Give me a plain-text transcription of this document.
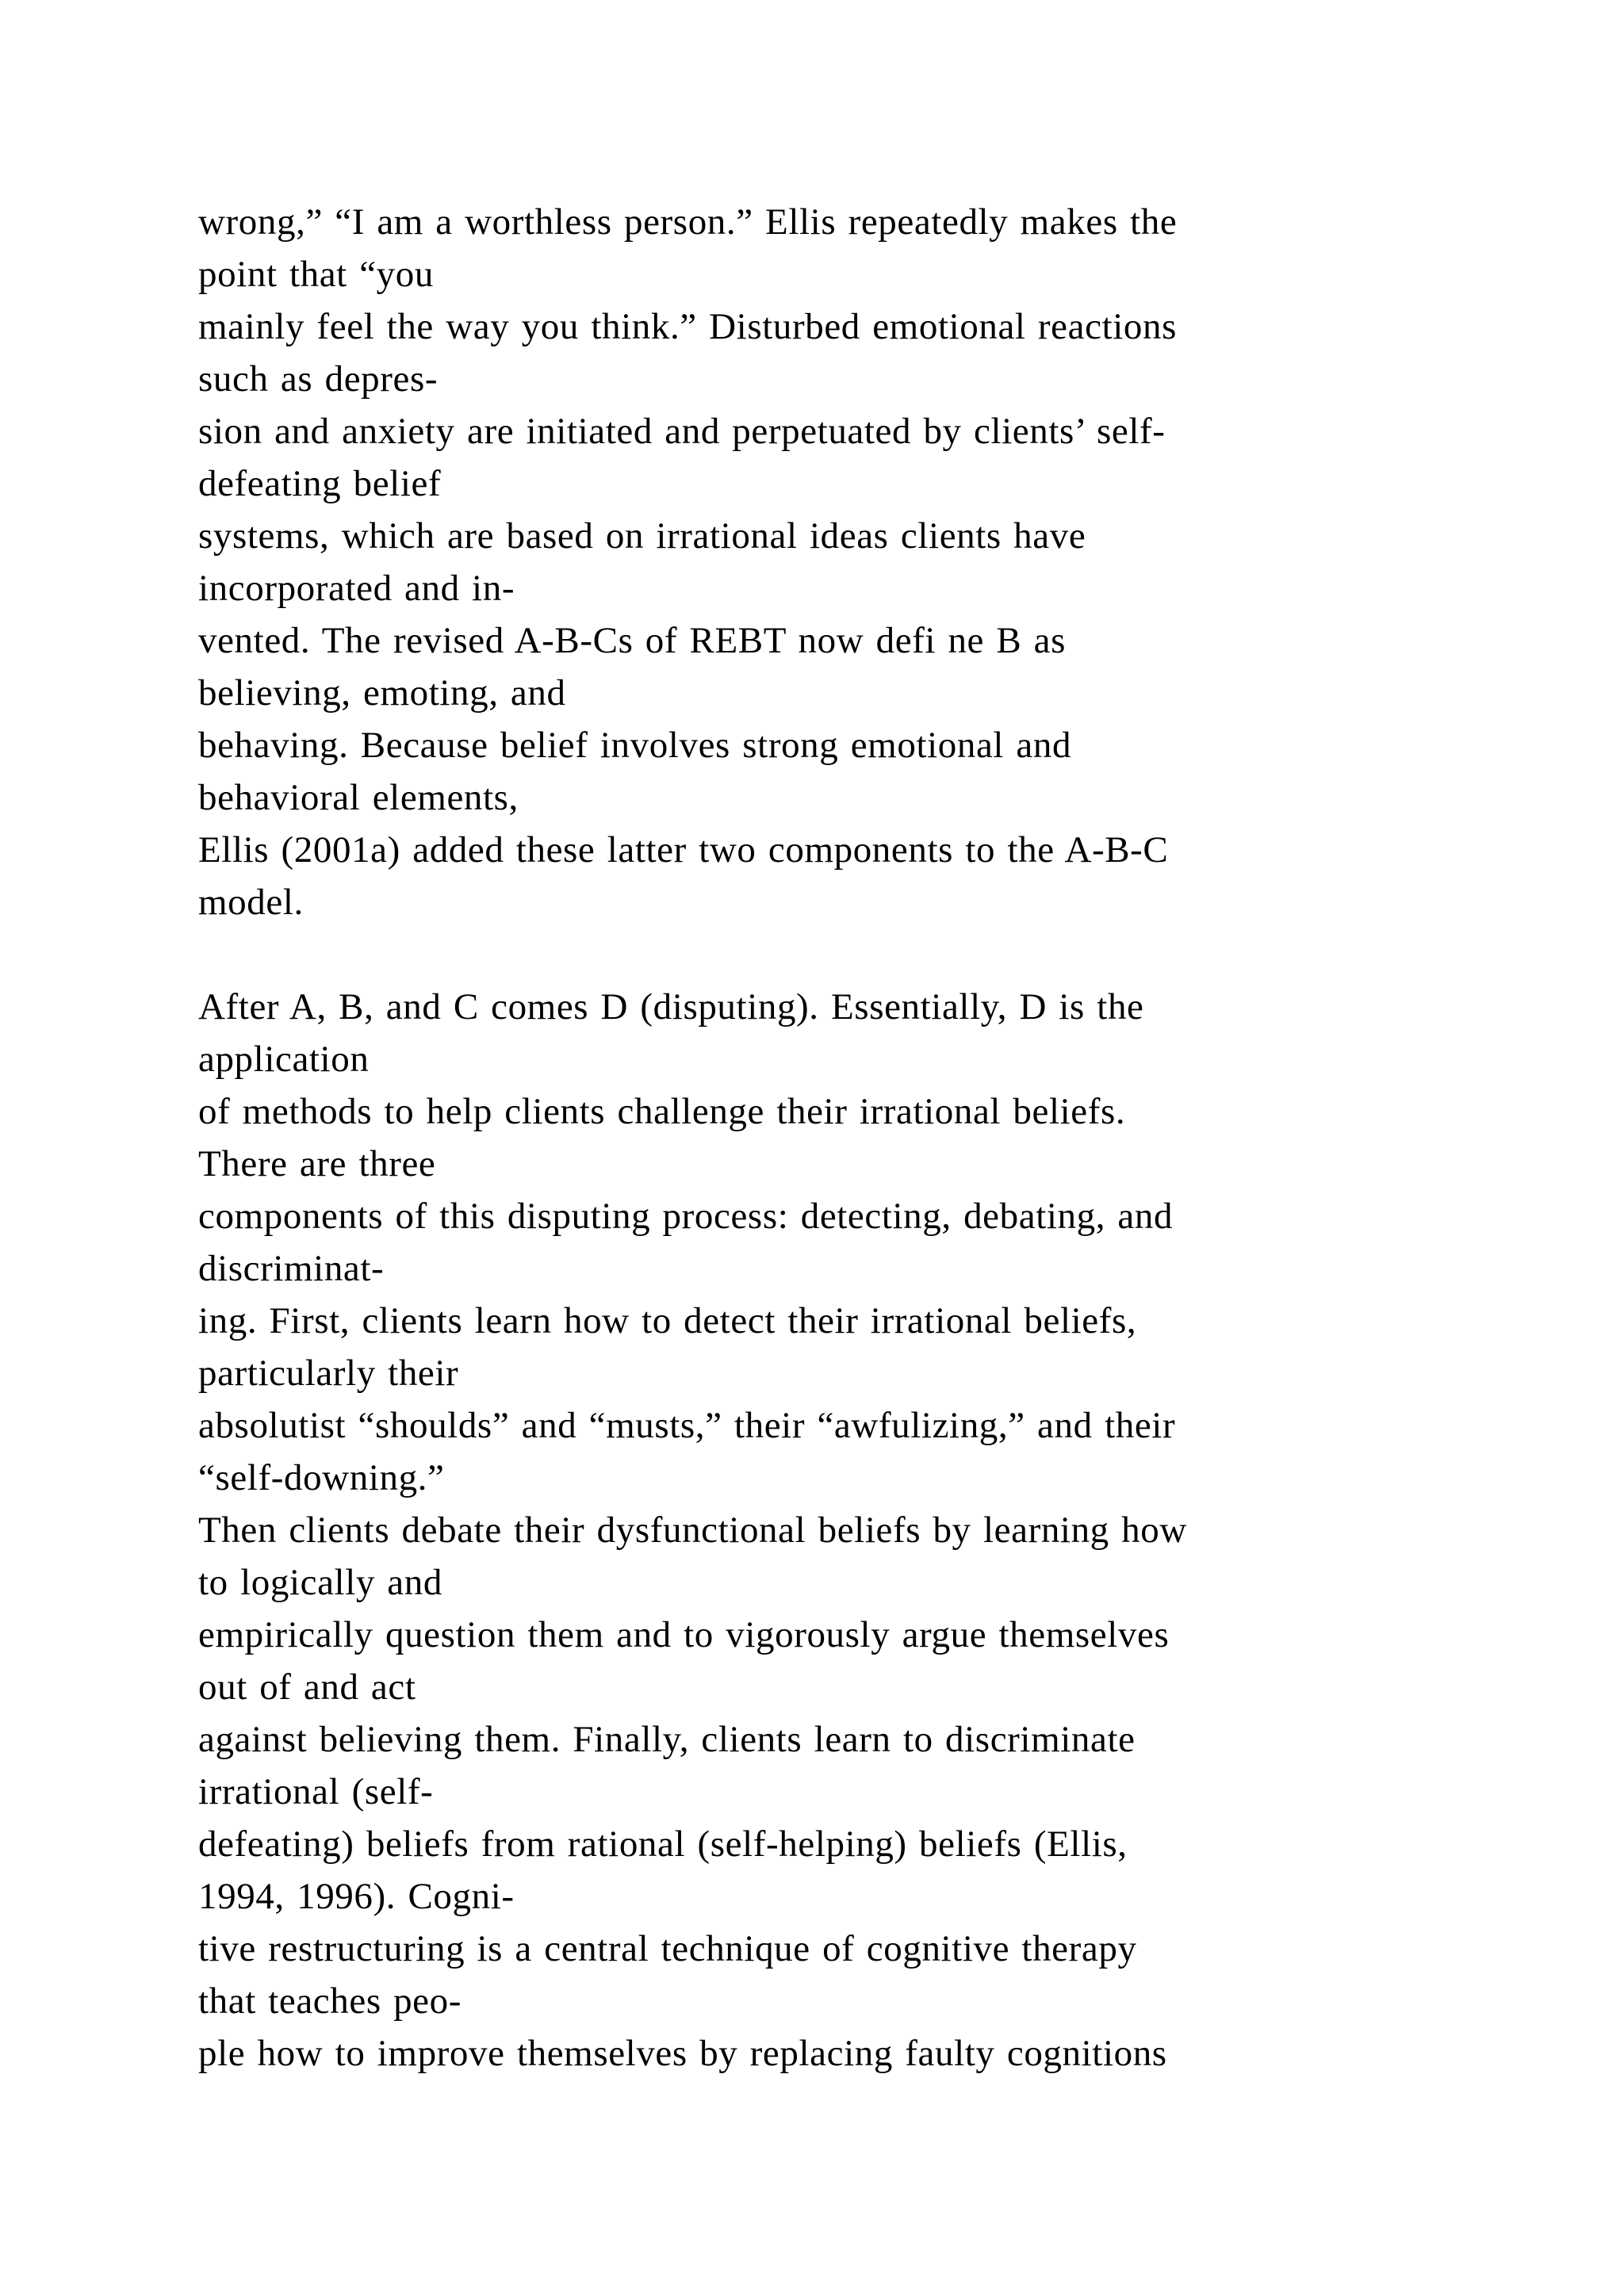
wrong,” “I am a worthless person.” Ellis repeatedly makes the
point that “you
mainly feel the way you think.” Disturbed emotional reactions
such as depres-
sion and anxiety are initiated and perpetuated by clients’ self-
defeating belief
systems, which are based on irrational ideas clients have
incorporated and in-
vented. The revised A-B-Cs of REBT now defi ne B as
believing, emoting, and
behaving. Because belief involves strong emotional and
behavioral elements,
Ellis (2001a) added these latter two components to the A-B-C
model.
After A, B, and C comes D (disputing). Essentially, D is the
application
of methods to help clients challenge their irrational beliefs.
There are three
components of this disputing process: detecting, debating, and
discriminat-
ing. First, clients learn how to detect their irrational beliefs,
particularly their
absolutist “shoulds” and “musts,” their “awfulizing,” and their
“self-downing.”
Then clients debate their dysfunctional beliefs by learning how
to logically and
empirically question them and to vigorously argue themselves
out of and act
against believing them. Finally, clients learn to discriminate
irrational (self-
defeating) beliefs from rational (self-helping) beliefs (Ellis,
1994, 1996). Cogni-
tive restructuring is a central technique of cognitive therapy
that teaches peo-
ple how to improve themselves by replacing faulty cognitions
